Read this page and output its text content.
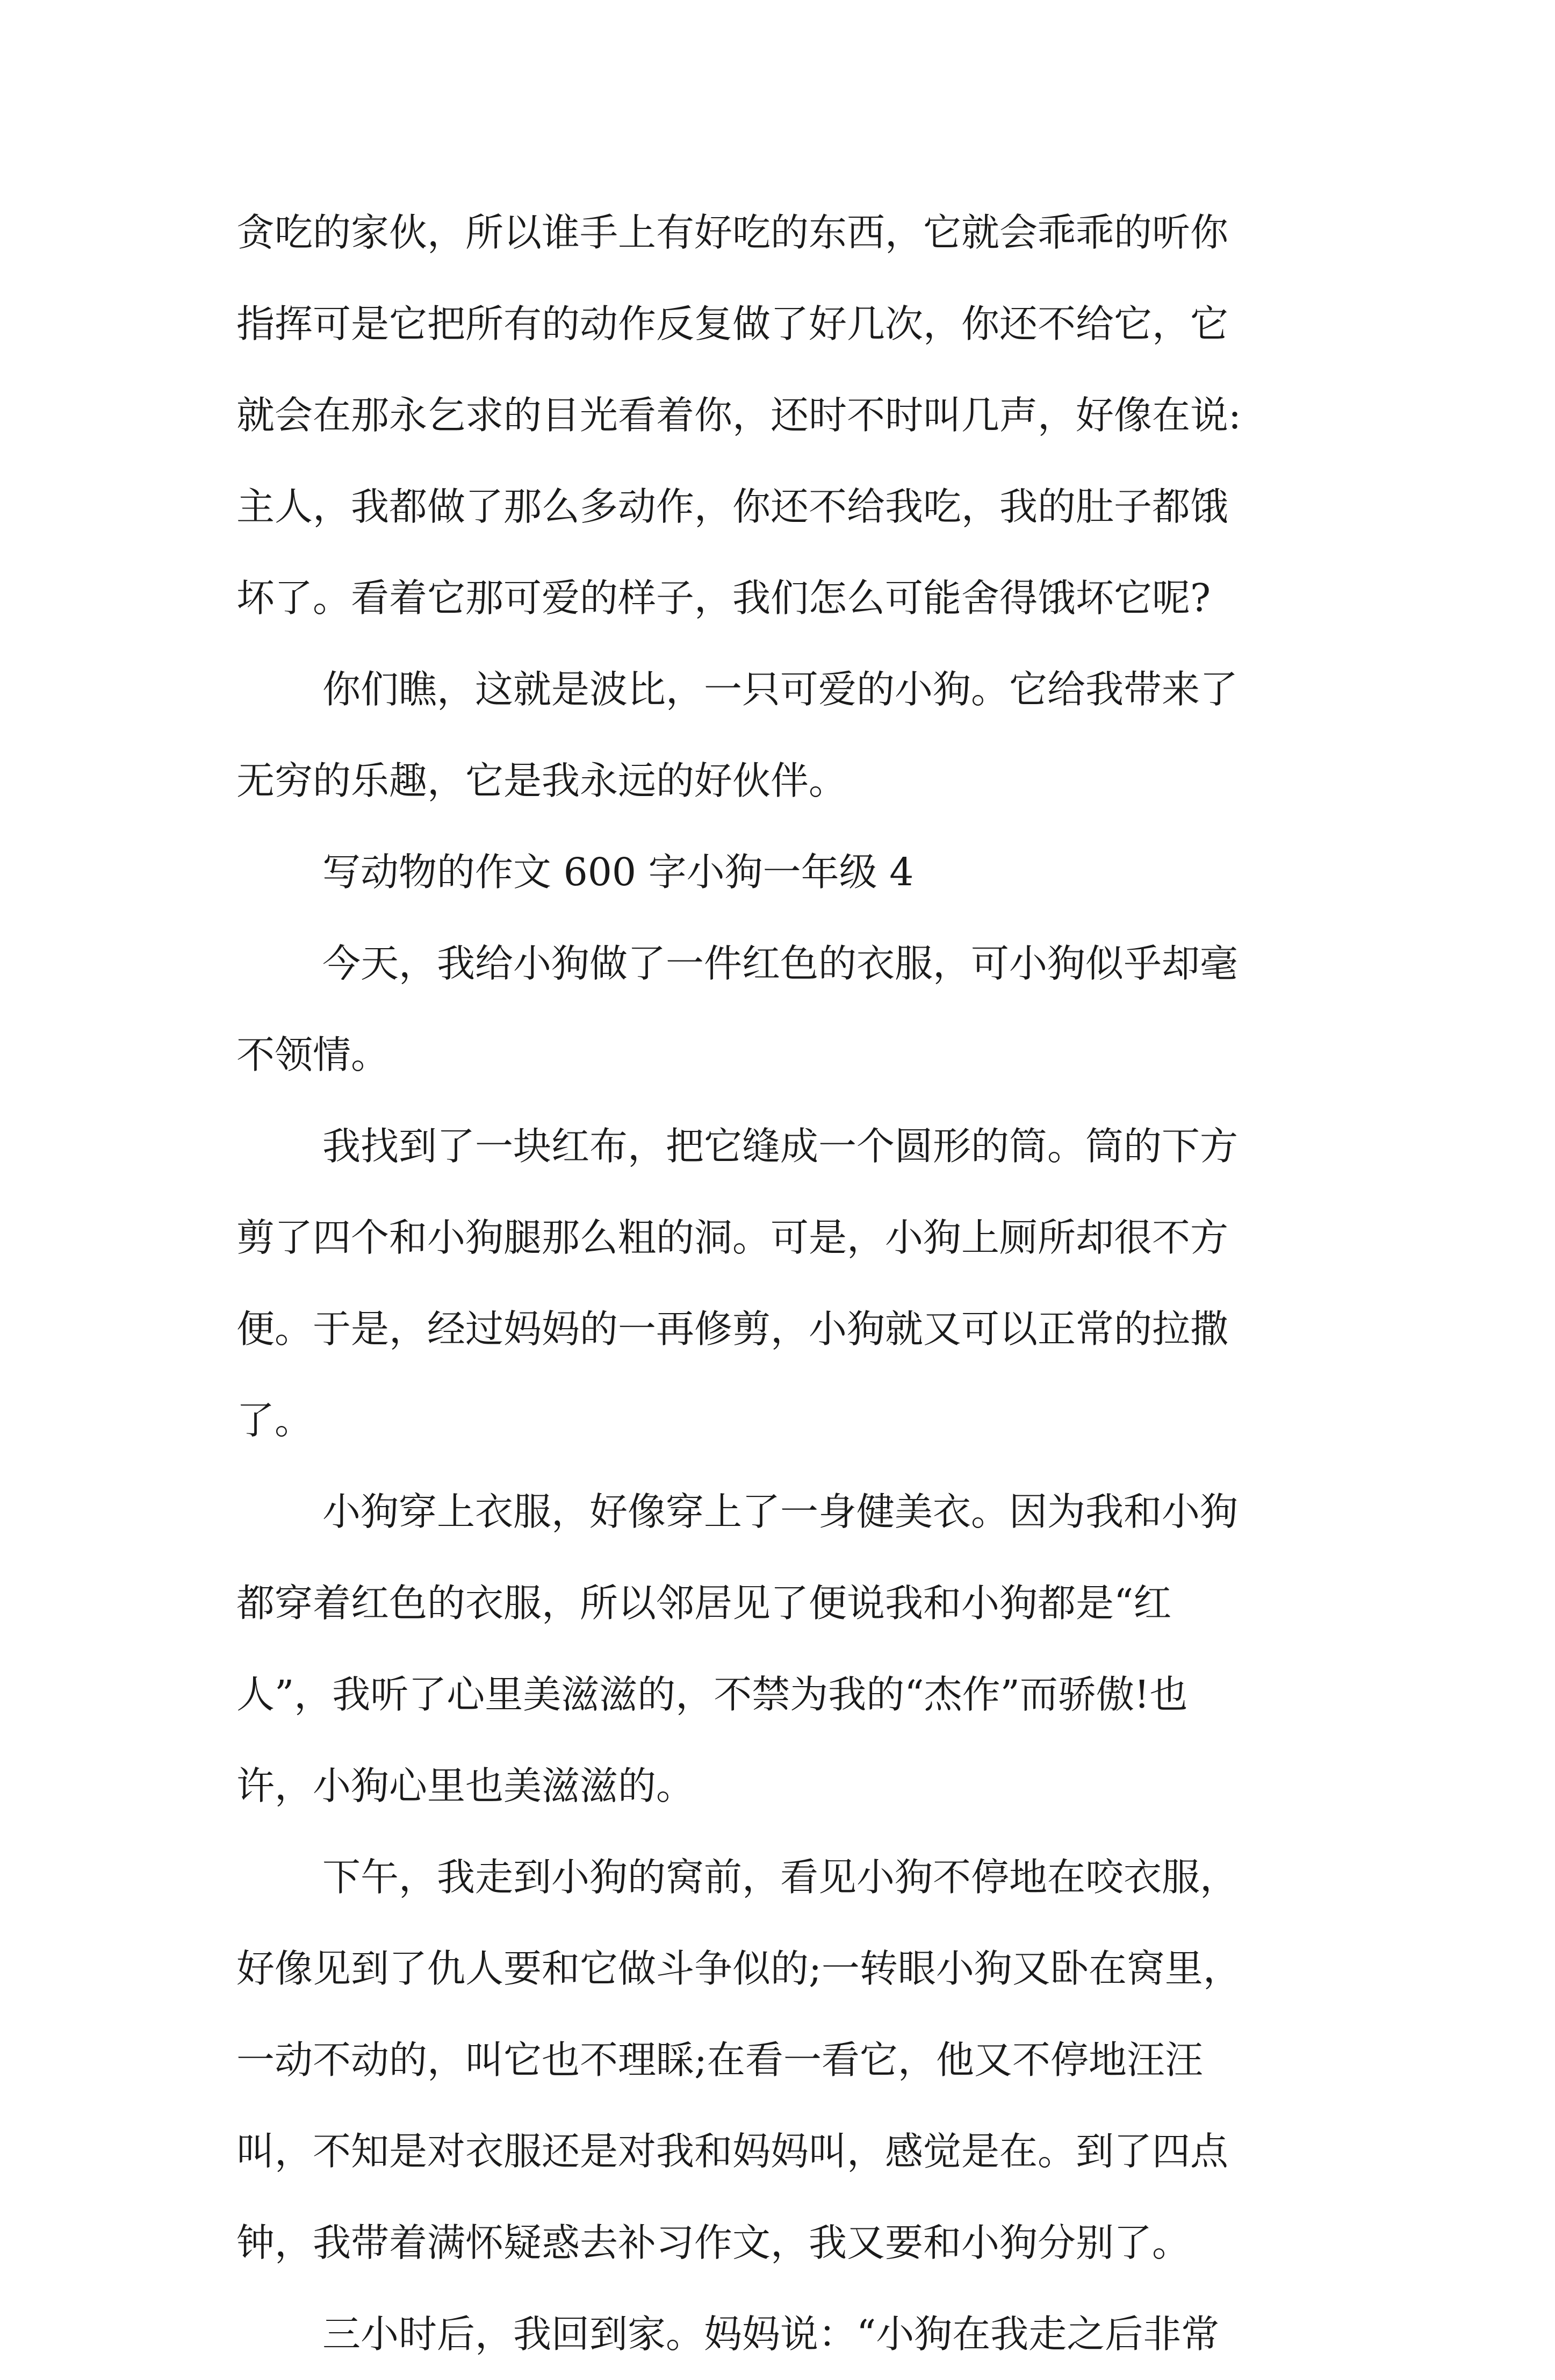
贪吃的家伙，所以谁手上有好吃的东西，它就会乖乖的听你
指挥可是它把所有的动作反复做了好几次，你还不给它，它
就会在那永乞求的目光看着你，还时不时叫几声，好像在说:
主人，我都做了那么多动作，你还不给我吃，我的肚子都饿
坏了。看着它那可爱的样子，我们怎么可能舍得饿坏它呢?
你们瞧，这就是波比，一只可爱的小狗。它给我带来了
无穷的乐趣，它是我永远的好伙伴。
写动物的作文 600 字小狗一年级 4
今天，我给小狗做了一件红色的衣服，可小狗似乎却毫
不领情。
我找到了一块红布，把它缝成一个圆形的筒。筒的下方
剪了四个和小狗腿那么粗的洞。可是，小狗上厕所却很不方
便。于是，经过妈妈的一再修剪，小狗就又可以正常的拉撒
了。
小狗穿上衣服，好像穿上了一身健美衣。因为我和小狗
都穿着红色的衣服，所以邻居见了便说我和小狗都是“红
人”，我听了心里美滋滋的，不禁为我的“杰作”而骄傲!也
许，小狗心里也美滋滋的。
下午，我走到小狗的窝前，看见小狗不停地在咬衣服，
好像见到了仇人要和它做斗争似的;一转眼小狗又卧在窝里，
一动不动的，叫它也不理睬;在看一看它，他又不停地汪汪
叫，不知是对衣服还是对我和妈妈叫，感觉是在。到了四点
钟，我带着满怀疑惑去补习作文，我又要和小狗分别了。
三小时后，我回到家。妈妈说：“小狗在我走之后非常
